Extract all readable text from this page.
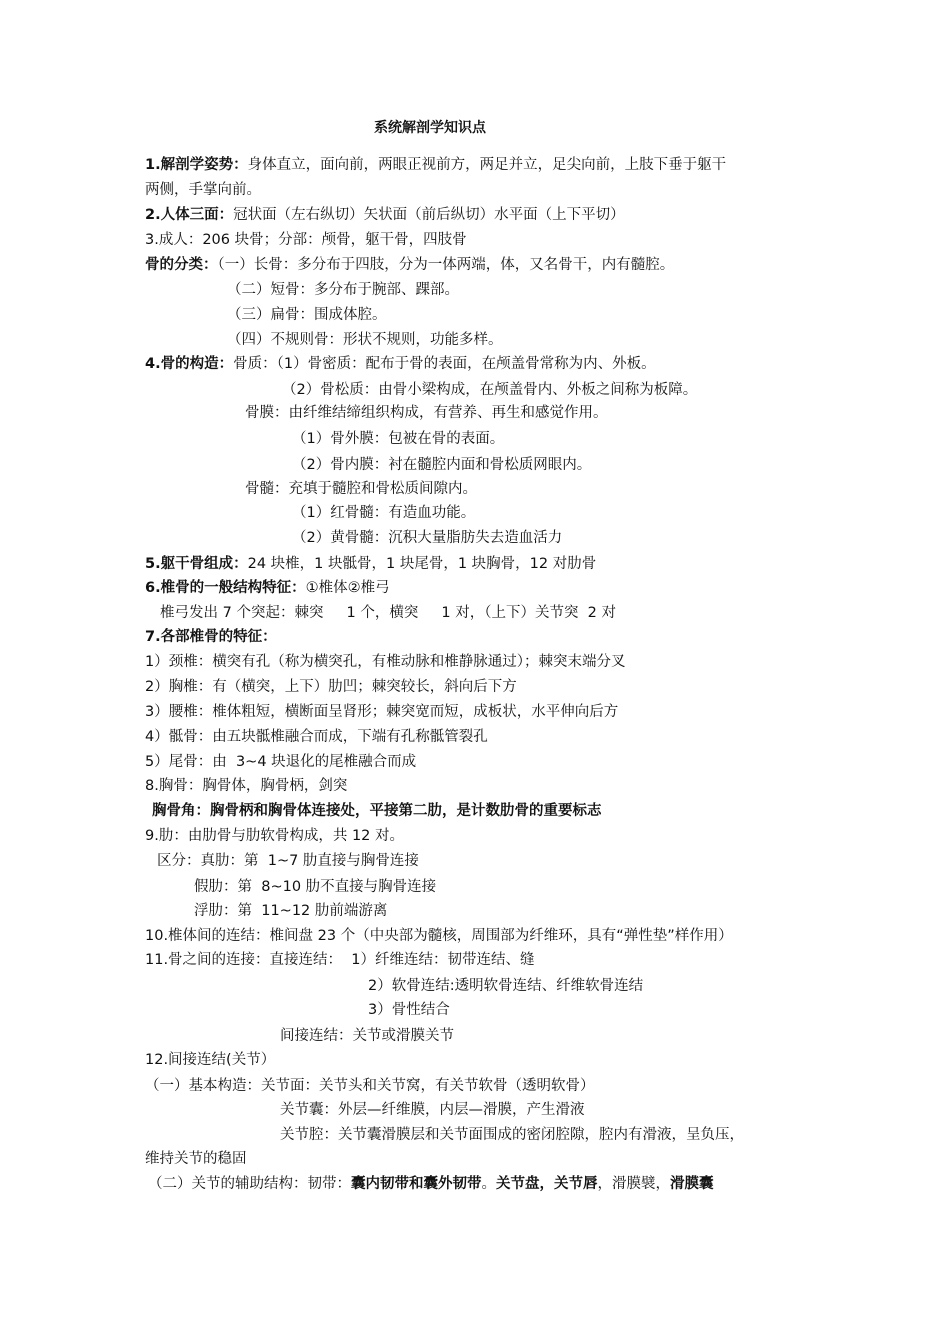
系统解剖学知识点
1.解剖学姿势：身体直立，面向前，两眼正视前方，两足并立，足尖向前，上肢下垂于躯干
两侧，手掌向前。
2.人体三面：冠状面（左右纵切）矢状面（前后纵切）水平面（上下平切）
3.成人：206 块骨；分部：颅骨，躯干骨，四肢骨
骨的分类：（一）长骨：多分布于四肢，分为一体两端，体，又名骨干，内有髓腔。
（二）短骨：多分布于腕部、踝部。
（三）扁骨：围成体腔。
（四）不规则骨：形状不规则，功能多样。
4.骨的构造：骨质：（1）骨密质：配布于骨的表面，在颅盖骨常称为内、外板。
（2）骨松质：由骨小梁构成，在颅盖骨内、外板之间称为板障。
骨膜：由纤维结缔组织构成，有营养、再生和感觉作用。
（1）骨外膜：包被在骨的表面。
（2）骨内膜：衬在髓腔内面和骨松质网眼内。
骨髓：充填于髓腔和骨松质间隙内。
（1）红骨髓：有造血功能。
（2）黄骨髓：沉积大量脂肪失去造血活力
5.躯干骨组成：24 块椎，1 块骶骨，1 块尾骨，1 块胸骨，12 对肋骨
6.椎骨的一般结构特征：①椎体②椎弓
椎弓发出 7 个突起：棘突     1 个，横突     1 对，（上下）关节突  2 对
7.各部椎骨的特征：
1）颈椎：横突有孔（称为横突孔，有椎动脉和椎静脉通过）；棘突末端分叉
2）胸椎：有（横突，上下）肋凹；棘突较长，斜向后下方
3）腰椎：椎体粗短，横断面呈肾形；棘突宽而短，成板状，水平伸向后方
4）骶骨：由五块骶椎融合而成，下端有孔称骶管裂孔
5）尾骨：由  3~4 块退化的尾椎融合而成
8.胸骨：胸骨体，胸骨柄，剑突
胸骨角：胸骨柄和胸骨体连接处，平接第二肋，是计数肋骨的重要标志
9.肋：由肋骨与肋软骨构成，共 12 对。
区分：真肋：第  1~7 肋直接与胸骨连接
假肋：第  8~10 肋不直接与胸骨连接
浮肋：第  11~12 肋前端游离
10.椎体间的连结：椎间盘 23 个（中央部为髓核，周围部为纤维环，具有“弹性垫”样作用）
11.骨之间的连接：直接连结：  1）纤维连结：韧带连结、缝
2）软骨连结:透明软骨连结、纤维软骨连结
3）骨性结合
间接连结：关节或滑膜关节
12.间接连结(关节）
（一）基本构造：关节面：关节头和关节窝，有关节软骨（透明软骨）
关节囊：外层—纤维膜，内层—滑膜，产生滑液
关节腔：关节囊滑膜层和关节面围成的密闭腔隙，腔内有滑液，呈负压，
维持关节的稳固
（二）关节的辅助结构：韧带：囊内韧带和囊外韧带。关节盘，关节唇，滑膜襞，滑膜囊
